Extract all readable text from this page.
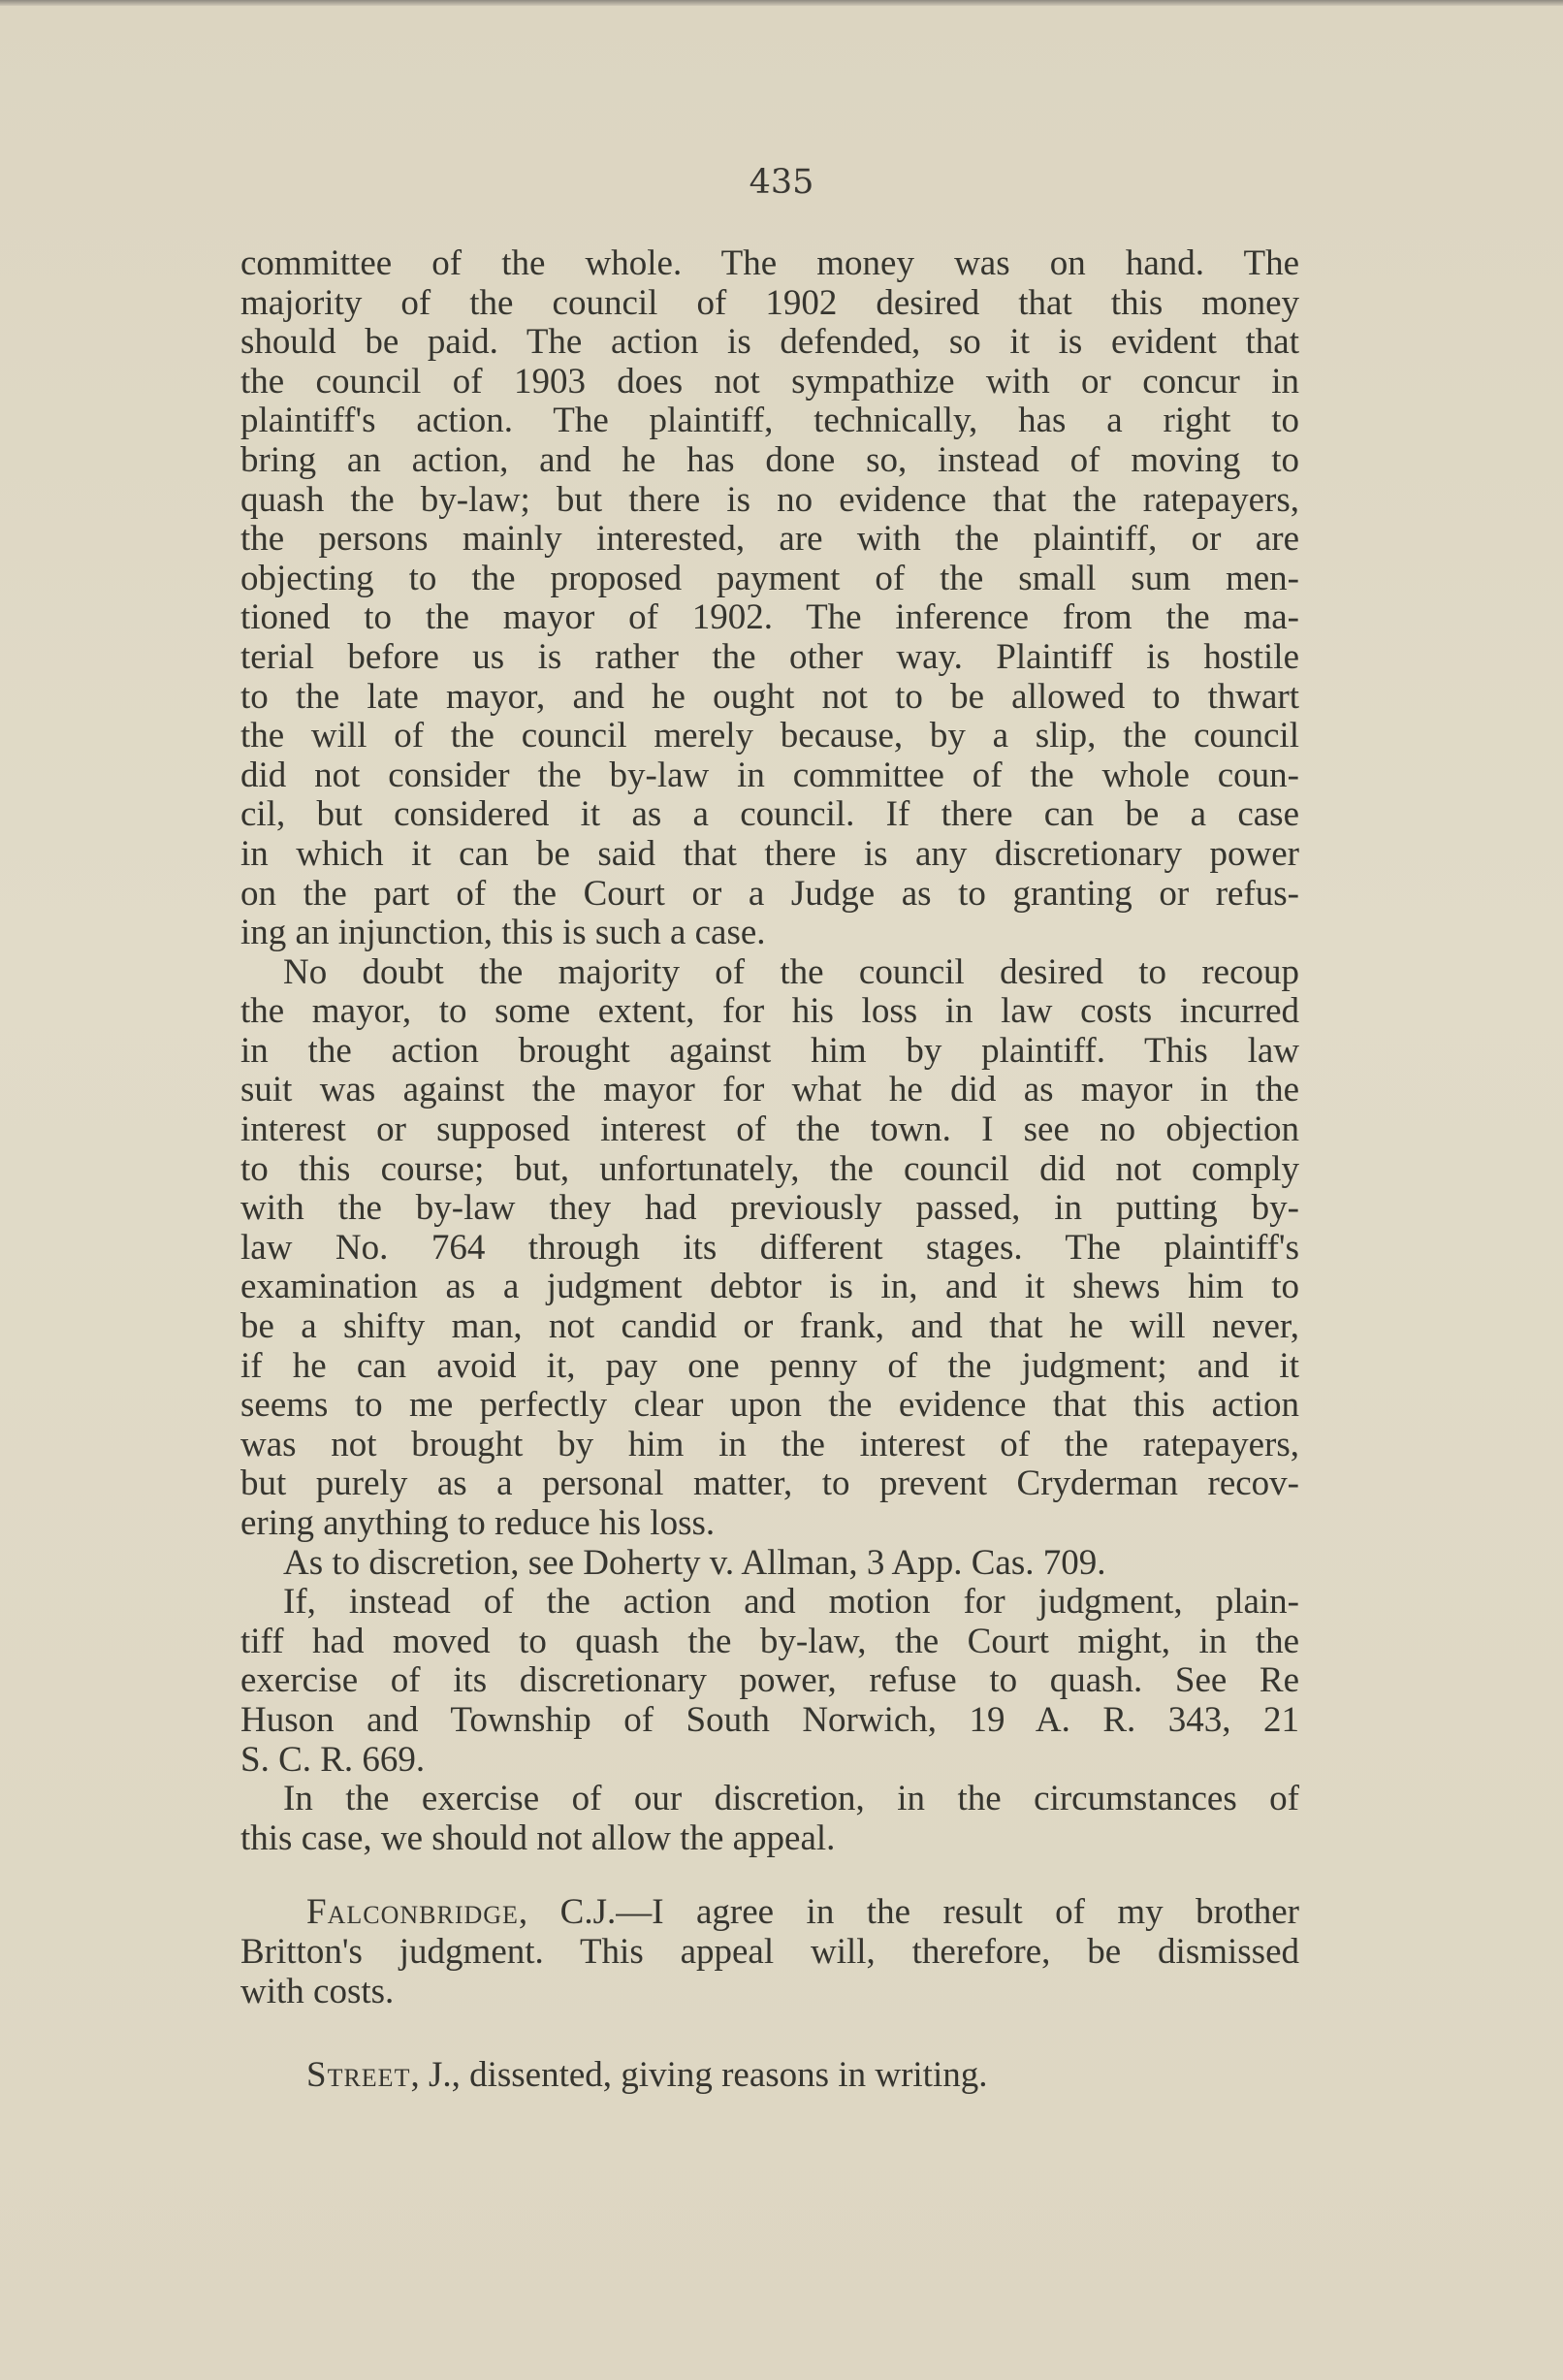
435
committee of the whole. The money was on hand. The
majority of the council of 1902 desired that this money
should be paid. The action is defended, so it is evident that
the council of 1903 does not sympathize with or concur in
plaintiff's action. The plaintiff, technically, has a right to
bring an action, and he has done so, instead of moving to
quash the by-law; but there is no evidence that the ratepayers,
the persons mainly interested, are with the plaintiff, or are
objecting to the proposed payment of the small sum men-
tioned to the mayor of 1902. The inference from the ma-
terial before us is rather the other way. Plaintiff is hostile
to the late mayor, and he ought not to be allowed to thwart
the will of the council merely because, by a slip, the council
did not consider the by-law in committee of the whole coun-
cil, but considered it as a council. If there can be a case
in which it can be said that there is any discretionary power
on the part of the Court or a Judge as to granting or refus-
ing an injunction, this is such a case.
No doubt the majority of the council desired to recoup
the mayor, to some extent, for his loss in law costs incurred
in the action brought against him by plaintiff. This law
suit was against the mayor for what he did as mayor in the
interest or supposed interest of the town. I see no objection
to this course; but, unfortunately, the council did not comply
with the by-law they had previously passed, in putting by-
law No. 764 through its different stages. The plaintiff's
examination as a judgment debtor is in, and it shews him to
be a shifty man, not candid or frank, and that he will never,
if he can avoid it, pay one penny of the judgment; and it
seems to me perfectly clear upon the evidence that this action
was not brought by him in the interest of the ratepayers,
but purely as a personal matter, to prevent Cryderman recov-
ering anything to reduce his loss.
As to discretion, see Doherty v. Allman, 3 App. Cas. 709.
If, instead of the action and motion for judgment, plain-
tiff had moved to quash the by-law, the Court might, in the
exercise of its discretionary power, refuse to quash. See Re
Huson and Township of South Norwich, 19 A. R. 343, 21
S. C. R. 669.
In the exercise of our discretion, in the circumstances of
this case, we should not allow the appeal.
Falconbridge, C.J.—I agree in the result of my brother
Britton's judgment. This appeal will, therefore, be dismissed
with costs.
Street, J., dissented, giving reasons in writing.
